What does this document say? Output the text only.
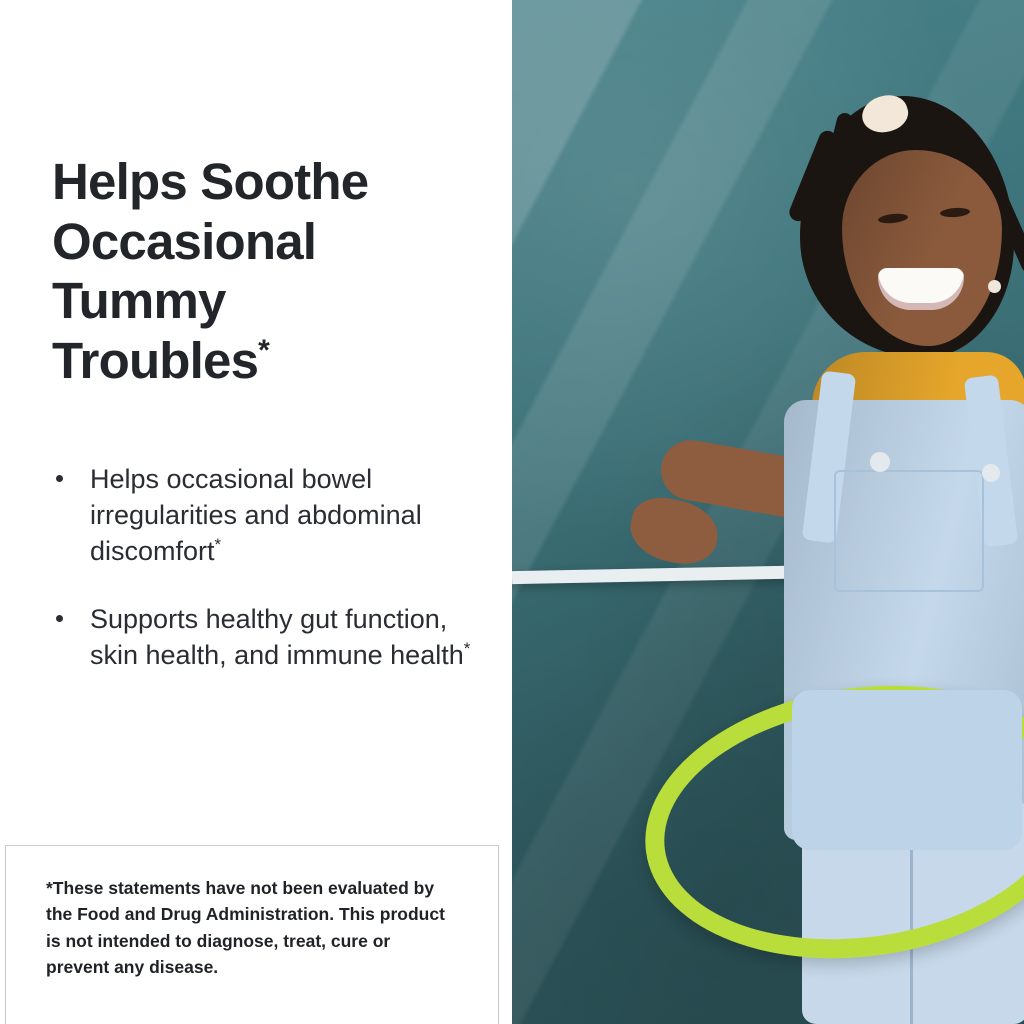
Helps Soothe
Occasional
Tummy
Troubles*
Helps occasional bowel irregularities and abdominal discomfort*
Supports healthy gut function, skin health, and immune health*
*These statements have not been evaluated by the Food and Drug Administration. This product is not intended to diagnose, treat, cure or prevent any disease.
